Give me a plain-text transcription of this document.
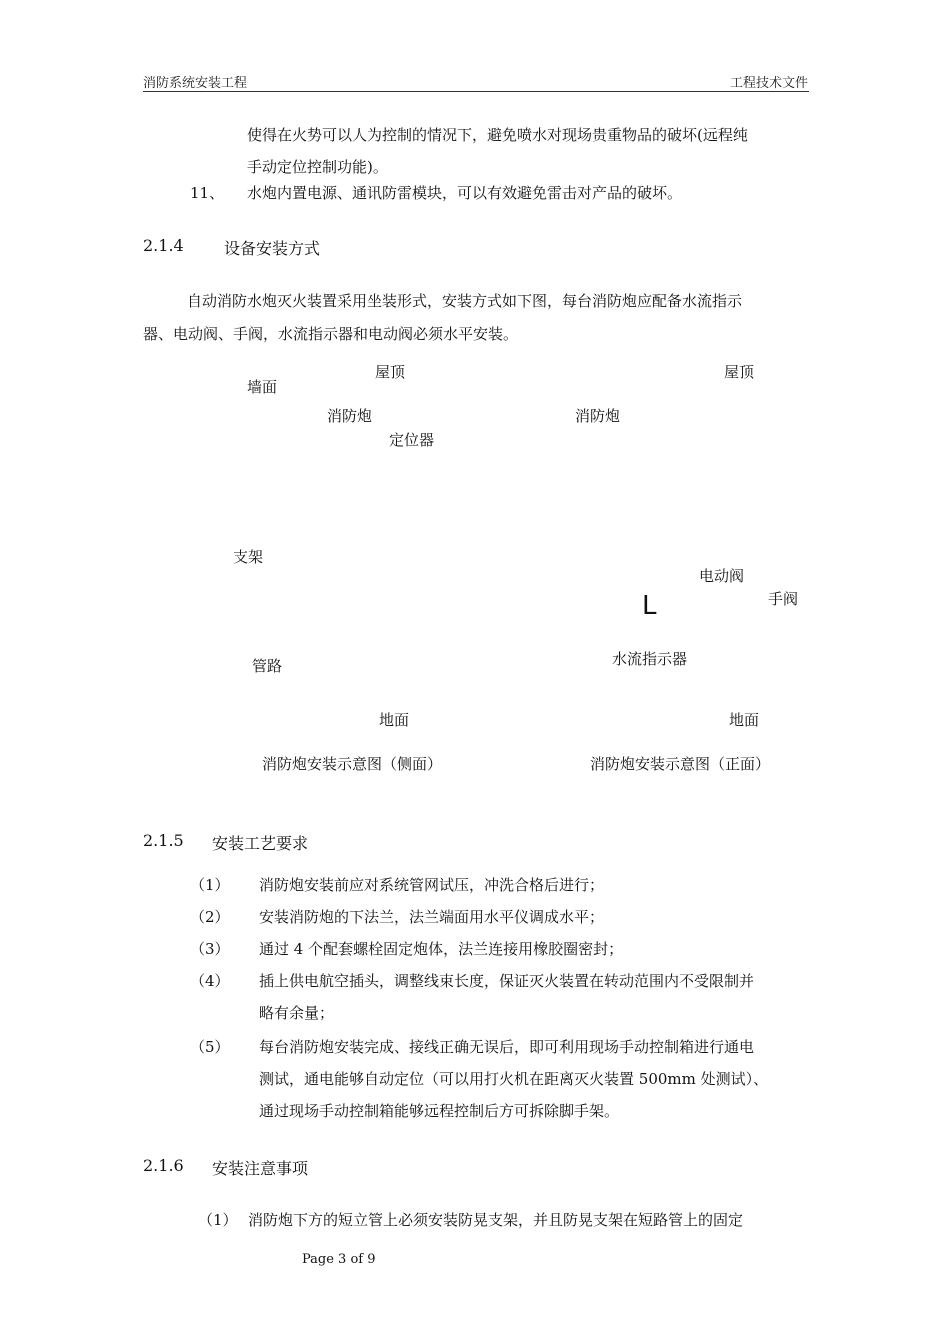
消防系统安装工程	工程技术文件
使得在火势可以人为控制的情况下，避免喷水对现场贵重物品的破坏(远程纯
手动定位控制功能)。
11、 水炮内置电源、通讯防雷模块，可以有效避免雷击对产品的破坏。
2.1.4	设备安装方式
自动消防水炮灭火装置采用坐装形式，安装方式如下图，每台消防炮应配备水流指示
器、电动阀、手阀，水流指示器和电动阀必须水平安装。
屋顶
墙面
消防炮
定位器
支架
管路
地面
消防炮安装示意图（侧面）
屋顶
消防炮
电动阀
手阀
L
水流指示器
地面
消防炮安装示意图（正面）
2.1.5 安装工艺要求
（1） 消防炮安装前应对系统管网试压，冲洗合格后进行；
（2） 安装消防炮的下法兰，法兰端面用水平仪调成水平；
（3） 通过 4 个配套螺栓固定炮体，法兰连接用橡胶圈密封；
（4） 插上供电航空插头，调整线束长度，保证灭火装置在转动范围内不受限制并
略有余量；
（5） 每台消防炮安装完成、接线正确无误后，即可利用现场手动控制箱进行通电
测试，通电能够自动定位（可以用打火机在距离灭火装置 500mm 处测试）、
通过现场手动控制箱能够远程控制后方可拆除脚手架。
2.1.6 安装注意事项
（1） 消防炮下方的短立管上必须安装防晃支架，并且防晃支架在短路管上的固定
Page 3 of 9
